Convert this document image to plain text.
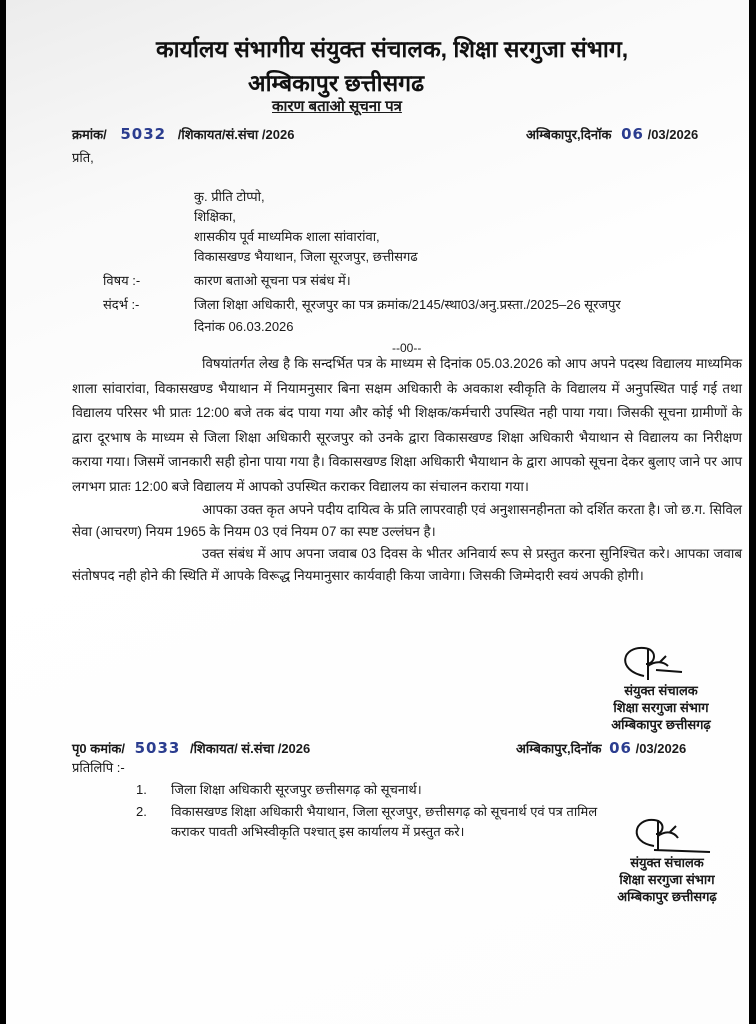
कार्यालय संभागीय संयुक्त संचालक, शिक्षा सरगुजा संभाग,
अम्बिकापुर छत्तीसगढ
कारण बताओ सूचना पत्र
क्रमांक/ 5032 /शिकायत/सं.संचा /2026	अम्बिकापुर,दिनॉक 06 /03/2026
प्रति,
कु. प्रीति टोप्पो,
शिक्षिका,
शासकीय पूर्व माध्यमिक शाला सांवारांवा,
विकासखण्ड भैयाथान, जिला सूरजपुर, छत्तीसगढ
विषय :-	कारण बताओ सूचना पत्र संबंध में।
संदर्भ :-	जिला शिक्षा अधिकारी, सूरजपुर का पत्र क्रमांक/2145/स्था03/अनु.प्रस्ता./2025–26 सूरजपुर
दिनांक 06.03.2026
--00--

विषयांतर्गत लेख है कि सन्दर्भित पत्र के माध्यम से दिनांक 05.03.2026 को आप अपने पदस्थ विद्यालय माध्यमिक शाला सांवारांवा, विकासखण्ड भैयाथान में नियामनुसार बिना सक्षम अधिकारी के अवकाश स्वीकृति के विद्यालय में अनुपस्थित पाई गई तथा विद्यालय परिसर भी प्रातः 12:00 बजे तक बंद पाया गया और कोई भी शिक्षक/कर्मचारी उपस्थित नही पाया गया। जिसकी सूचना ग्रामीणों के द्वारा दूरभाष के माध्यम से जिला शिक्षा अधिकारी सूरजपुर को उनके द्वारा विकासखण्ड शिक्षा अधिकारी भैयाथान से विद्यालय का निरीक्षण कराया गया। जिसमें जानकारी सही होना पाया गया है। विकासखण्ड शिक्षा अधिकारी भैयाथान के द्वारा आपको सूचना देकर बुलाए जाने पर आप लगभग प्रातः 12:00 बजे विद्यालय में आपको उपस्थित कराकर विद्यालय का संचालन कराया गया।

आपका उक्त कृत अपने पदीय दायित्व के प्रति लापरवाही एवं अनुशासनहीनता को दर्शित करता है। जो छ.ग. सिविल सेवा (आचरण) नियम 1965 के नियम 03 एवं नियम 07 का स्पष्ट उल्लंघन है।

उक्त संबंध में आप अपना जवाब 03 दिवस के भीतर अनिवार्य रूप से प्रस्तुत करना सुनिश्चित करे। आपका जवाब संतोषपद नही होने की स्थिति में आपके विरूद्ध नियमानुसार कार्यवाही किया जावेगा। जिसकी जिम्मेदारी स्वयं अपकी होगी।

संयुक्त संचालक
शिक्षा सरगुजा संभाग
अम्बिकापुर छत्तीसगढ़
पृ0 कमांक/ 5033 /शिकायत/ सं.संचा /2026	अम्बिकापुर,दिनॉक 06 /03/2026
प्रतिलिपि :-
1. जिला शिक्षा अधिकारी सूरजपुर छत्तीसगढ़ को सूचनार्थ।
2. विकासखण्ड शिक्षा अधिकारी भैयाथान, जिला सूरजपुर, छत्तीसगढ़ को सूचनार्थ एवं पत्र तामिल
कराकर पावती अभिस्वीकृति पश्चात् इस कार्यालय में प्रस्तुत करे।
संयुक्त संचालक
शिक्षा सरगुजा संभाग
अम्बिकापुर छत्तीसगढ़
